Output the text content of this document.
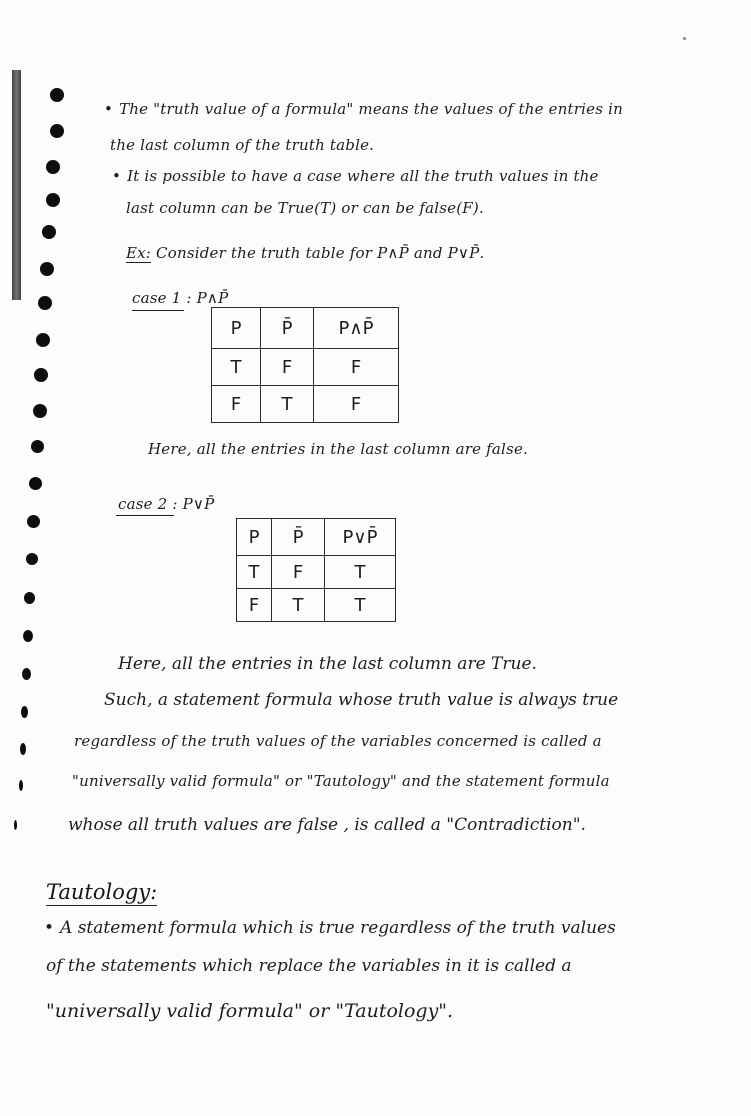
• The "truth value of a formula" means the values of the entries in
the last column of the truth table.
• It is possible to have a case where all the truth values in the
last column can be True(T) or can be false(F).
Ex: Consider the truth table for P∧P̄ and P∨P̄.
case 1 : P∧P̄
P	P̄	P∧P̄
T	F	F
F	T	F
Here, all the entries in the last column are false.
case 2 : P∨P̄
P	P̄	P∨P̄
T	F	T
F	T	T
Here, all the entries in the last column are True.
Such, a statement formula whose truth value is always true
regardless of the truth values of the variables concerned is called a
"universally valid formula" or "Tautology" and the statement formula
whose all truth values are false , is called a "Contradiction".
Tautology:
• A statement formula which is true regardless of the truth values
of the statements which replace the variables in it is called a
"universally valid formula" or "Tautology".
